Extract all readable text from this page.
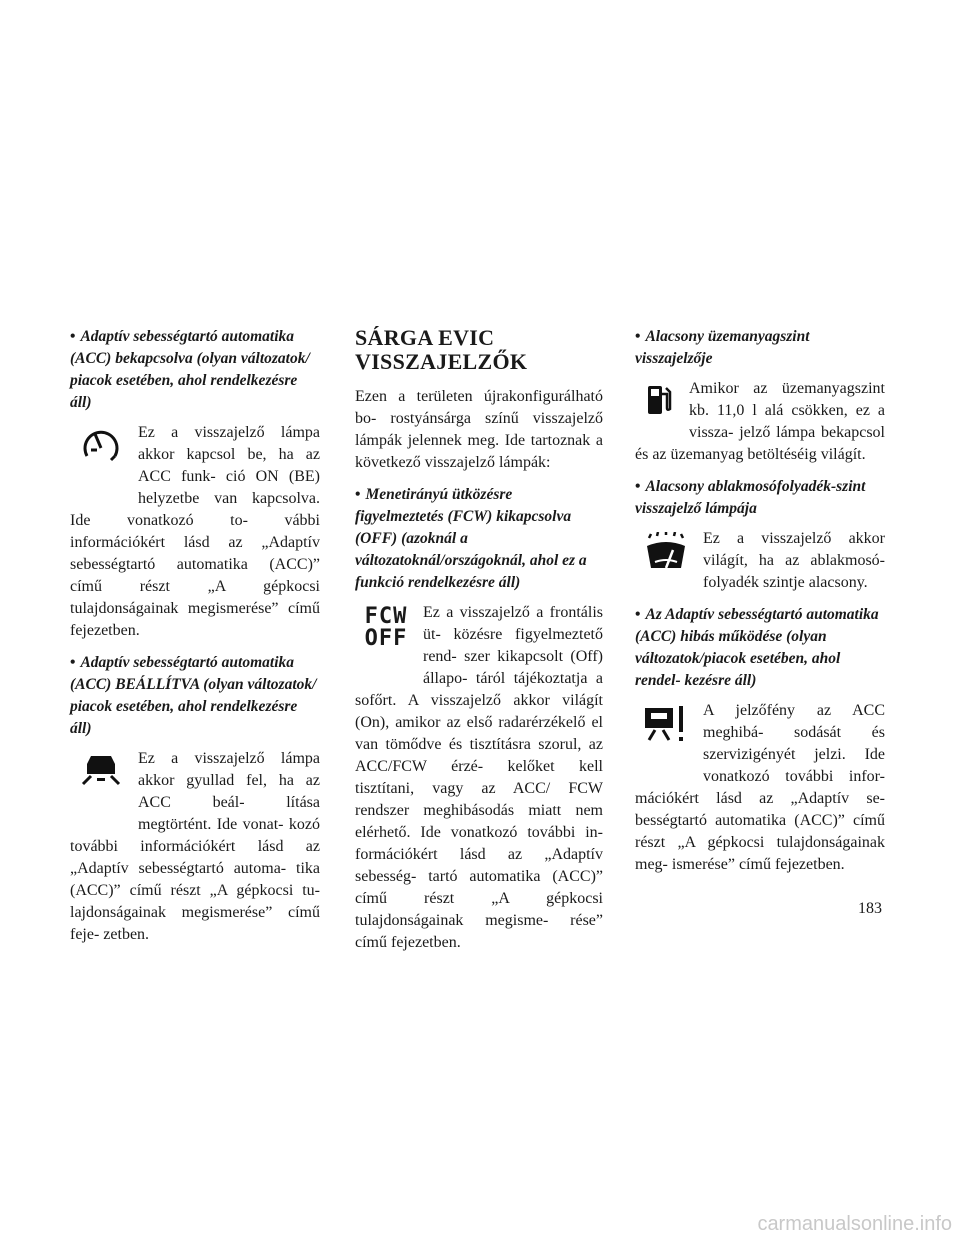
• Adaptív sebességtartó automatika (ACC) bekapcsolva (olyan változatok/ piacok esetében, ahol rendelkezésre áll)

Ez a visszajelző lámpa akkor kapcsol be, ha az ACC funk- ció ON (BE) helyzetbe van kapcsolva. Ide vonatkozó to- vábbi információkért lásd az „Adaptív sebességtartó automatika (ACC)” című részt „A gépkocsi tulajdonságainak megismerése” című fejezetben.

• Adaptív sebességtartó automatika (ACC) BEÁLLÍTVA (olyan változatok/ piacok esetében, ahol rendelkezésre áll)

Ez a visszajelző lámpa akkor gyullad fel, ha az ACC beál- lítása megtörtént. Ide vonat- kozó további információkért lásd az „Adaptív sebességtartó automa- tika (ACC)” című részt „A gépkocsi tu- lajdonságainak megismerése” című feje- zetben.

SÁRGA EVIC VISSZAJELZŐK

Ezen a területen újrakonfigurálható bo- rostyánsárga színű visszajelző lámpák jelennek meg. Ide tartoznak a következő visszajelző lámpák:

• Menetirányú ütközésre figyelmeztetés (FCW) kikapcsolva (OFF) (azoknál a változatoknál/országoknál, ahol ez a funkció rendelkezésre áll)
FCW
OFF

Ez a visszajelző a frontális üt- közésre figyelmeztető rend- szer kikapcsolt (Off) állapo- táról tájékoztatja a sofőrt. A visszajelző akkor világít (On), amikor az első radarérzékelő el van tömődve és tisztításra szorul, az ACC/FCW érzé- kelőket kell tisztítani, vagy az ACC/ FCW rendszer meghibásodás miatt nem elérhető. Ide vonatkozó további in- formációkért lásd az „Adaptív sebesség- tartó automatika (ACC)” című részt „A gépkocsi tulajdonságainak megisme- rése” című fejezetben.

• Alacsony üzemanyagszint visszajelzője

Amikor az üzemanyagszint kb. 11,0 l alá csökken, ez a vissza- jelző lámpa bekapcsol és az üzemanyag betöltéséig világít.

• Alacsony ablakmosófolyadék-szint visszajelző lámpája

Ez a visszajelző akkor világít, ha az ablakmosó-folyadék szintje alacsony.

• Az Adaptív sebességtartó automatika (ACC) hibás működése (olyan változatok/piacok esetében, ahol rendel- kezésre áll)

A jelzőfény az ACC meghibá- sodását és szervizigényét jelzi. Ide vonatkozó további infor- mációkért lásd az „Adaptív se- bességtartó automatika (ACC)” című részt „A gépkocsi tulajdonságainak meg- ismerése” című fejezetben.

183
carmanualsonline.info
